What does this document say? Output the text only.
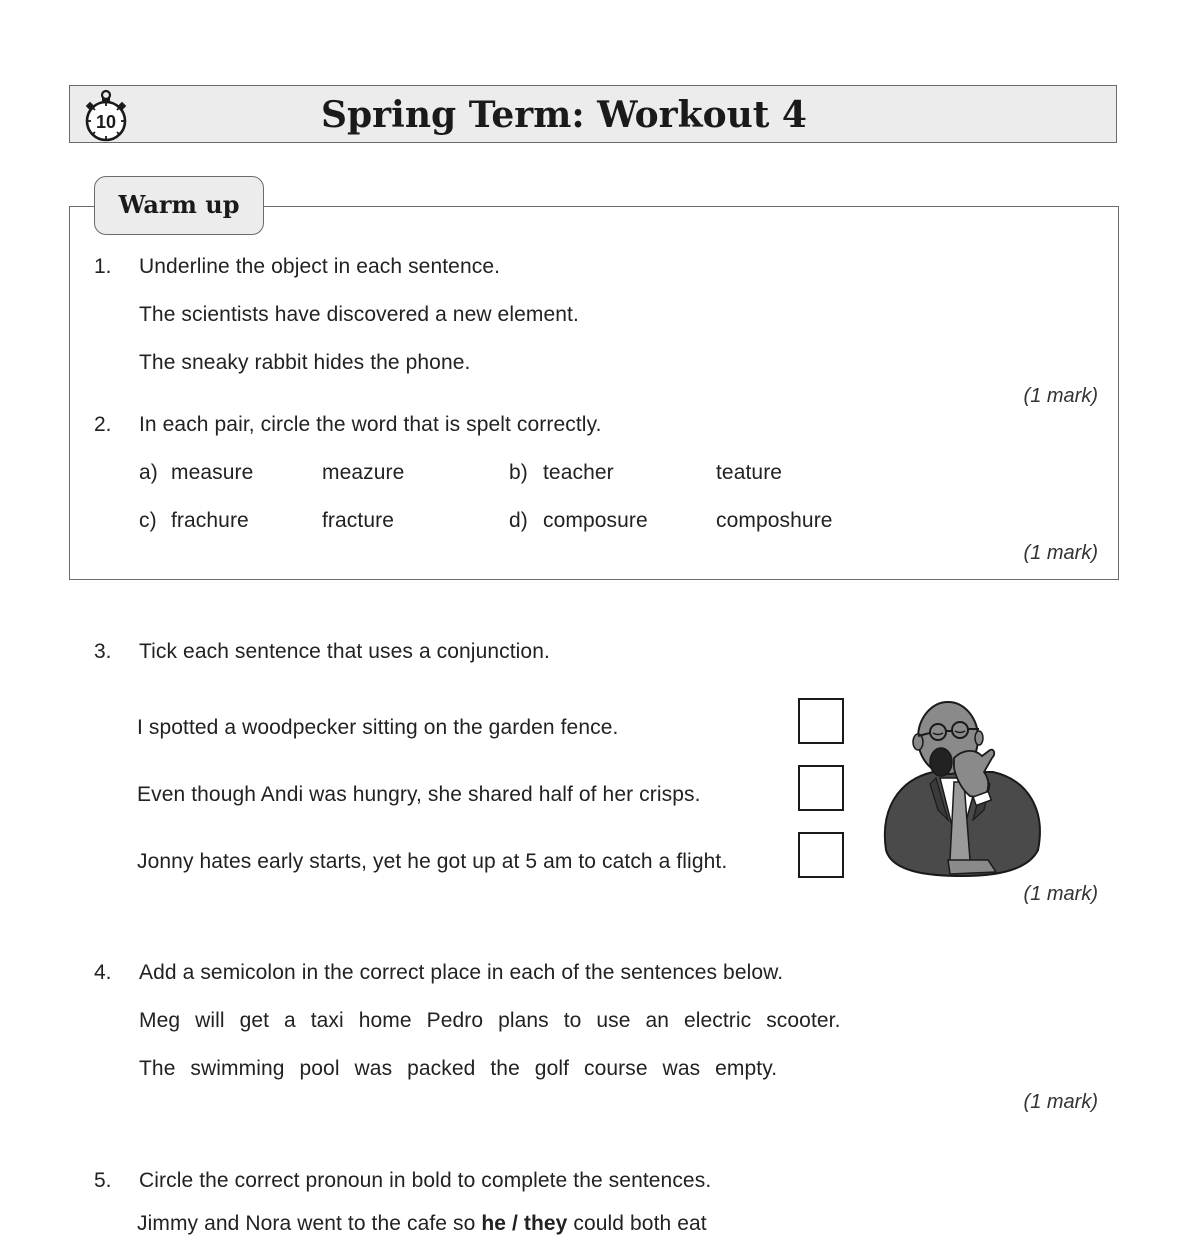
Spring Term: Workout 4
10
Warm up
1. Underline the object in each sentence.
The scientists have discovered a new element.
The sneaky rabbit hides the phone.
(1 mark)
2. In each pair, circle the word that is spelt correctly.
a) measure	meazure	b) teacher	teature
c) frachure	fracture	d) composure	composhure
(1 mark)
3. Tick each sentence that uses a conjunction.
I spotted a woodpecker sitting on the garden fence.
Even though Andi was hungry, she shared half of her crisps.
Jonny hates early starts, yet he got up at 5 am to catch a flight.
(1 mark)
4. Add a semicolon in the correct place in each of the sentences below.
Meg will get a taxi home Pedro plans to use an electric scooter.
The swimming pool was packed the golf course was empty.
(1 mark)
5. Circle the correct pronoun in bold to complete the sentences.
Jimmy and Nora went to the cafe so he / they could both eat
